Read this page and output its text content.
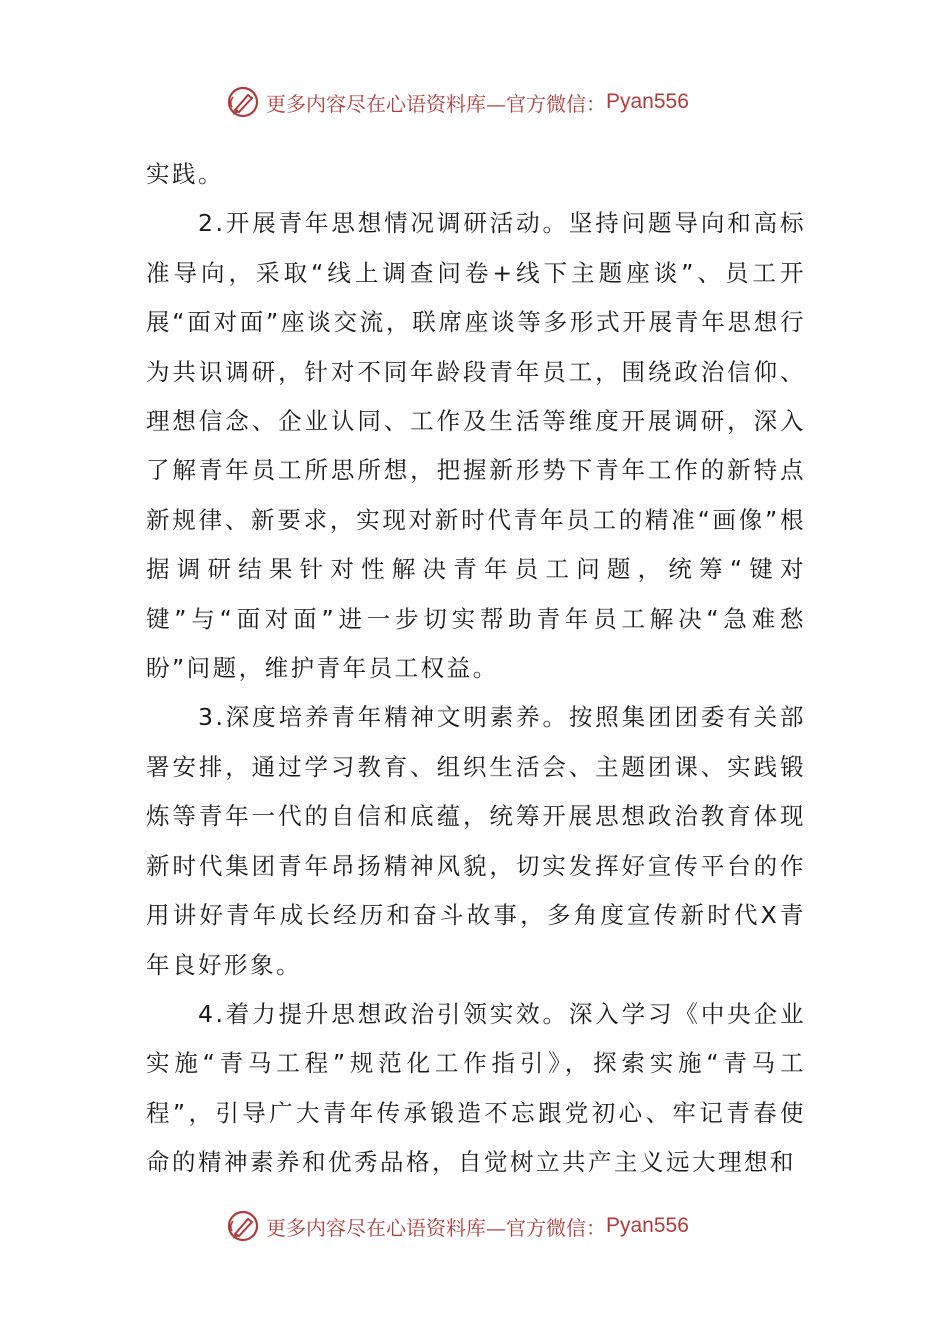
更多内容尽在心语资料库—官方微信： Pyan556

实践。

2.开展青年思想情况调研活动。坚持问题导向和高标准导向，采取“线上调查问卷+线下主题座谈”、员工开展“面对面”座谈交流，联席座谈等多形式开展青年思想行为共识调研，针对不同年龄段青年员工，围绕政治信仰、理想信念、企业认同、工作及生活等维度开展调研，深入了解青年员工所思所想，把握新形势下青年工作的新特点新规律、新要求，实现对新时代青年员工的精准“画像”根据调研结果针对性解决青年员工问题，统筹“键对键”与“面对面”进一步切实帮助青年员工解决“急难愁盼”问题，维护青年员工权益。

3.深度培养青年精神文明素养。按照集团团委有关部署安排，通过学习教育、组织生活会、主题团课、实践锻炼等青年一代的自信和底蕴，统筹开展思想政治教育体现新时代集团青年昂扬精神风貌，切实发挥好宣传平台的作用讲好青年成长经历和奋斗故事，多角度宣传新时代X青年良好形象。

4.着力提升思想政治引领实效。深入学习《中央企业实施“青马工程”规范化工作指引》，探索实施“青马工程”，引导广大青年传承锻造不忘跟党初心、牢记青春使命的精神素养和优秀品格，自觉树立共产主义远大理想和

更多内容尽在心语资料库—官方微信： Pyan556
